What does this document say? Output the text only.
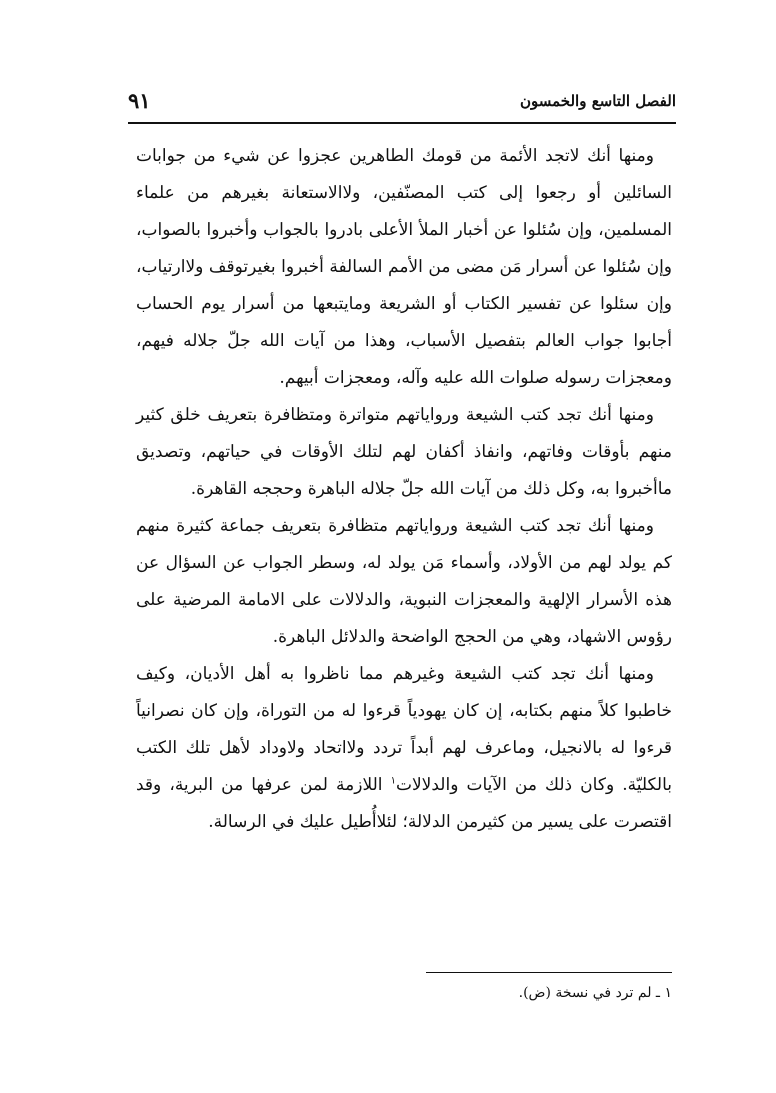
الفصل التاسع والخمسون
٩١

ومنها أنك لاتجد الأئمة من قومك الطاهرين عجزوا عن شيء من جوابات السائلين أو رجعوا إلى كتب المصنّفين، ولاالاستعانة بغيرهم من علماء المسلمين، وإن سُئلوا عن أخبار الملأ الأعلى بادروا بالجواب وأخبروا بالصواب، وإن سُئلوا عن أسرار مَن مضى من الأمم السالفة أخبروا بغيرتوقف ولاارتياب، وإن سئلوا عن تفسير الكتاب أو الشريعة ومايتبعها من أسرار يوم الحساب أجابوا جواب العالم بتفصيل الأسباب، وهذا من آيات الله جلّ جلاله فيهم، ومعجزات رسوله صلوات الله عليه وآله، ومعجزات أبيهم.

ومنها أنك تجد كتب الشيعة ورواياتهم متواترة ومتظافرة بتعريف خلق كثير منهم بأوقات وفاتهم، وانفاذ أكفان لهم لتلك الأوقات في حياتهم، وتصديق ماأخبروا به، وكل ذلك من آيات الله جلّ جلاله الباهرة وحججه القاهرة.

ومنها أنك تجد كتب الشيعة ورواياتهم متظافرة بتعريف جماعة كثيرة منهم كم يولد لهم من الأولاد، وأسماء مَن يولد له، وسطر الجواب عن السؤال عن هذه الأسرار الإلهية والمعجزات النبوية، والدلالات على الامامة المرضية على رؤوس الاشهاد، وهي من الحجج الواضحة والدلائل الباهرة.

ومنها أنك تجد كتب الشيعة وغيرهم مما ناظروا به أهل الأديان، وكيف خاطبوا كلاً منهم بكتابه، إن كان يهودياً قرءوا له من التوراة، وإن كان نصرانياً قرءوا له بالانجيل، وماعرف لهم أبداً تردد ولااتحاد ولاوداد لأهل تلك الكتب بالكليّة. وكان ذلك من الآيات والدلالات$^١$ اللازمة لمن عرفها من البرية، وقد اقتصرت على يسير من كثيرمن الدلالة؛ لئلاأُطيل عليك في الرسالة.

١ ـ لم ترد في نسخة (ض).
